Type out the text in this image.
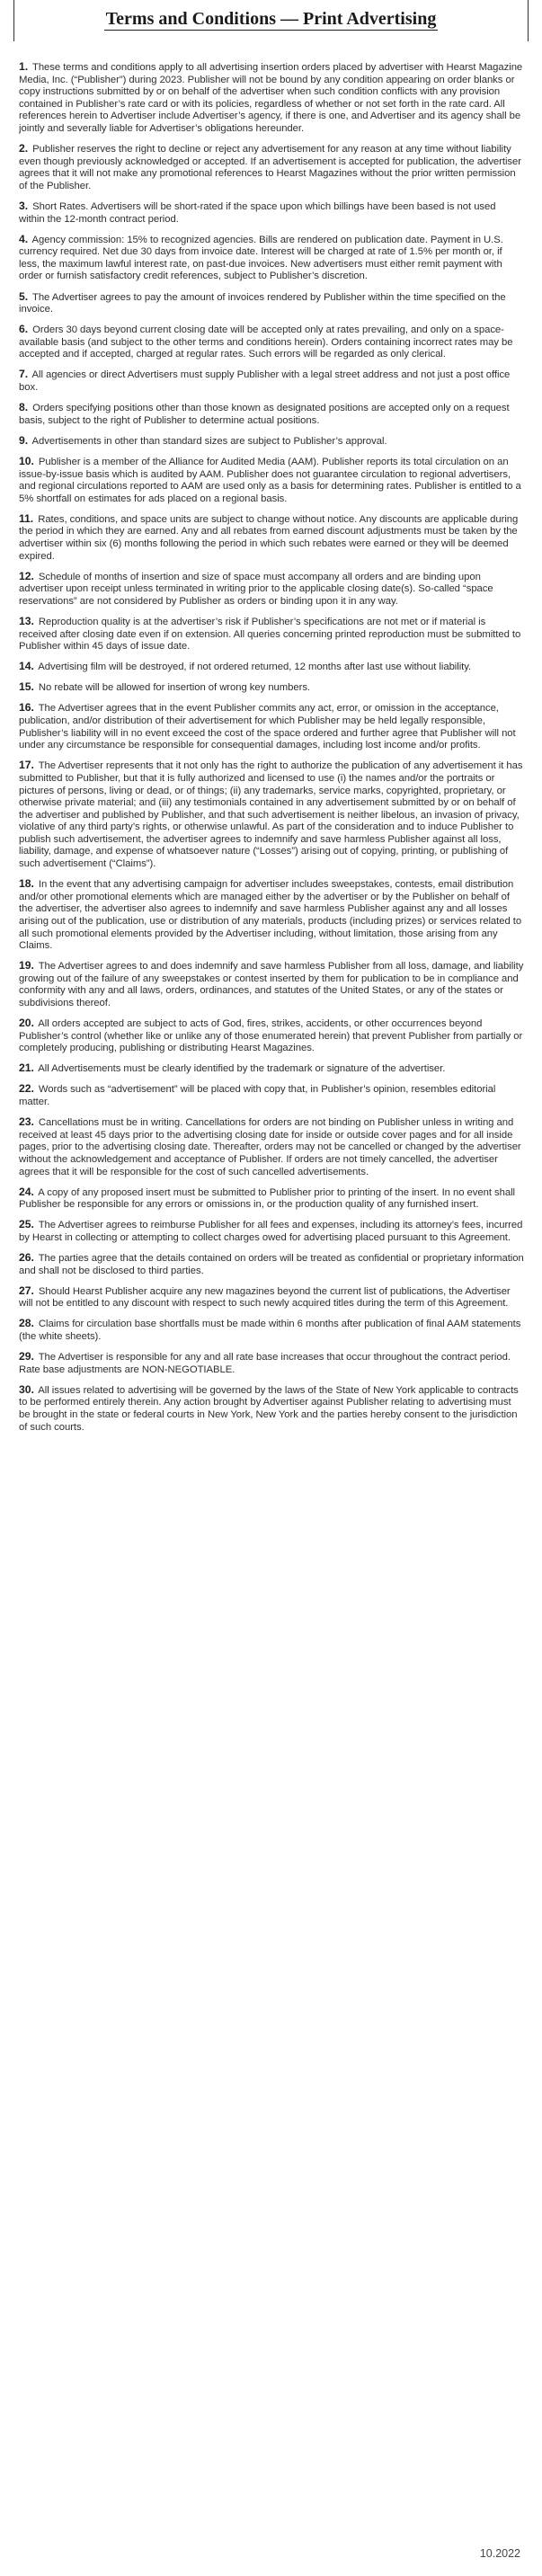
Terms and Conditions — Print Advertising

1. These terms and conditions apply to all advertising insertion orders placed by advertiser with Hearst Magazine Media, Inc. (“Publisher”) during 2023. Publisher will not be bound by any condition appearing on order blanks or copy instructions submitted by or on behalf of the advertiser when such condition conflicts with any provision contained in Publisher’s rate card or with its policies, regardless of whether or not set forth in the rate card. All references herein to Advertiser include Advertiser’s agency, if there is one, and Advertiser and its agency shall be jointly and severally liable for Advertiser’s obligations hereunder.

2. Publisher reserves the right to decline or reject any advertisement for any reason at any time without liability even though previously acknowledged or accepted. If an advertisement is accepted for publication, the advertiser agrees that it will not make any promotional references to Hearst Magazines without the prior written permission of the Publisher.

3. Short Rates. Advertisers will be short-rated if the space upon which billings have been based is not used within the 12-month contract period.

4. Agency commission: 15% to recognized agencies. Bills are rendered on publication date. Payment in U.S. currency required. Net due 30 days from invoice date. Interest will be charged at rate of 1.5% per month or, if less, the maximum lawful interest rate, on past-due invoices. New advertisers must either remit payment with order or furnish satisfactory credit references, subject to Publisher’s discretion.

5. The Advertiser agrees to pay the amount of invoices rendered by Publisher within the time specified on the invoice.

6. Orders 30 days beyond current closing date will be accepted only at rates prevailing, and only on a space-available basis (and subject to the other terms and conditions herein). Orders containing incorrect rates may be accepted and if accepted, charged at regular rates. Such errors will be regarded as only clerical.

7. All agencies or direct Advertisers must supply Publisher with a legal street address and not just a post office box.

8. Orders specifying positions other than those known as designated positions are accepted only on a request basis, subject to the right of Publisher to determine actual positions.

9. Advertisements in other than standard sizes are subject to Publisher’s approval.

10. Publisher is a member of the Alliance for Audited Media (AAM). Publisher reports its total circulation on an issue-by-issue basis which is audited by AAM. Publisher does not guarantee circulation to regional advertisers, and regional circulations reported to AAM are used only as a basis for determining rates. Publisher is entitled to a 5% shortfall on estimates for ads placed on a regional basis.

11. Rates, conditions, and space units are subject to change without notice. Any discounts are applicable during the period in which they are earned. Any and all rebates from earned discount adjustments must be taken by the advertiser within six (6) months following the period in which such rebates were earned or they will be deemed expired.

12. Schedule of months of insertion and size of space must accompany all orders and are binding upon advertiser upon receipt unless terminated in writing prior to the applicable closing date(s). So-called “space reservations” are not considered by Publisher as orders or binding upon it in any way.

13. Reproduction quality is at the advertiser’s risk if Publisher’s specifications are not met or if material is received after closing date even if on extension. All queries concerning printed reproduction must be submitted to Publisher within 45 days of issue date.

14. Advertising film will be destroyed, if not ordered returned, 12 months after last use without liability.

15. No rebate will be allowed for insertion of wrong key numbers.

16. The Advertiser agrees that in the event Publisher commits any act, error, or omission in the acceptance, publication, and/or distribution of their advertisement for which Publisher may be held legally responsible, Publisher’s liability will in no event exceed the cost of the space ordered and further agree that Publisher will not under any circumstance be responsible for consequential damages, including lost income and/or profits.

17. The Advertiser represents that it not only has the right to authorize the publication of any advertisement it has submitted to Publisher, but that it is fully authorized and licensed to use (i) the names and/or the portraits or pictures of persons, living or dead, or of things; (ii) any trademarks, service marks, copyrighted, proprietary, or otherwise private material; and (iii) any testimonials contained in any advertisement submitted by or on behalf of the advertiser and published by Publisher, and that such advertisement is neither libelous, an invasion of privacy, violative of any third party’s rights, or otherwise unlawful. As part of the consideration and to induce Publisher to publish such advertisement, the advertiser agrees to indemnify and save harmless Publisher against all loss, liability, damage, and expense of whatsoever nature (“Losses”) arising out of copying, printing, or publishing of such advertisement (“Claims”).

18. In the event that any advertising campaign for advertiser includes sweepstakes, contests, email distribution and/or other promotional elements which are managed either by the advertiser or by the Publisher on behalf of the advertiser, the advertiser also agrees to indemnify and save harmless Publisher against any and all losses arising out of the publication, use or distribution of any materials, products (including prizes) or services related to all such promotional elements provided by the Advertiser including, without limitation, those arising from any Claims.

19. The Advertiser agrees to and does indemnify and save harmless Publisher from all loss, damage, and liability growing out of the failure of any sweepstakes or contest inserted by them for publication to be in compliance and conformity with any and all laws, orders, ordinances, and statutes of the United States, or any of the states or subdivisions thereof.

20. All orders accepted are subject to acts of God, fires, strikes, accidents, or other occurrences beyond Publisher’s control (whether like or unlike any of those enumerated herein) that prevent Publisher from partially or completely producing, publishing or distributing Hearst Magazines.

21. All Advertisements must be clearly identified by the trademark or signature of the advertiser.

22. Words such as “advertisement” will be placed with copy that, in Publisher’s opinion, resembles editorial matter.

23. Cancellations must be in writing. Cancellations for orders are not binding on Publisher unless in writing and received at least 45 days prior to the advertising closing date for inside or outside cover pages and for all inside pages, prior to the advertising closing date. Thereafter, orders may not be cancelled or changed by the advertiser without the acknowledgement and acceptance of Publisher. If orders are not timely cancelled, the advertiser agrees that it will be responsible for the cost of such cancelled advertisements.

24. A copy of any proposed insert must be submitted to Publisher prior to printing of the insert. In no event shall Publisher be responsible for any errors or omissions in, or the production quality of any furnished insert.

25. The Advertiser agrees to reimburse Publisher for all fees and expenses, including its attorney’s fees, incurred by Hearst in collecting or attempting to collect charges owed for advertising placed pursuant to this Agreement.

26. The parties agree that the details contained on orders will be treated as confidential or proprietary information and shall not be disclosed to third parties.

27. Should Hearst Publisher acquire any new magazines beyond the current list of publications, the Advertiser will not be entitled to any discount with respect to such newly acquired titles during the term of this Agreement.

28. Claims for circulation base shortfalls must be made within 6 months after publication of final AAM statements (the white sheets).

29. The Advertiser is responsible for any and all rate base increases that occur throughout the contract period. Rate base adjustments are NON-NEGOTIABLE.

30. All issues related to advertising will be governed by the laws of the State of New York applicable to contracts to be performed entirely therein. Any action brought by Advertiser against Publisher relating to advertising must be brought in the state or federal courts in New York, New York and the parties hereby consent to the jurisdiction of such courts.

10.2022
